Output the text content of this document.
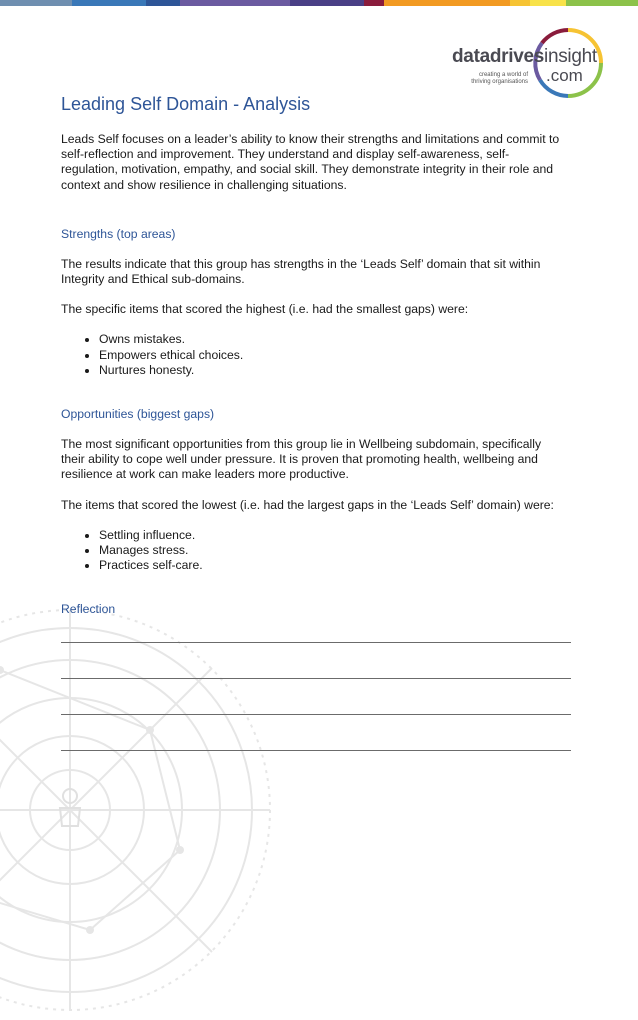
datadrivesinsight
creating a world of
thriving organisations .com
Leading Self Domain - Analysis

Leads Self focuses on a leader’s ability to know their strengths and limitations and commit to self-reflection and improvement. They understand and display self-awareness, self-regulation, motivation, empathy, and social skill. They demonstrate integrity in their role and context and show resilience in challenging situations.

Strengths (top areas)

The results indicate that this group has strengths in the ‘Leads Self’ domain that sit within Integrity and Ethical sub-domains.

The specific items that scored the highest (i.e. had the smallest gaps) were:

• Owns mistakes.
• Empowers ethical choices.
• Nurtures honesty.
Opportunities (biggest gaps)

The most significant opportunities from this group lie in Wellbeing subdomain, specifically their ability to cope well under pressure. It is proven that promoting health, wellbeing and resilience at work can make leaders more productive.

The items that scored the lowest (i.e. had the largest gaps in the ‘Leads Self’ domain) were:

• Settling influence.
• Manages stress.
• Practices self-care.
Reflection
